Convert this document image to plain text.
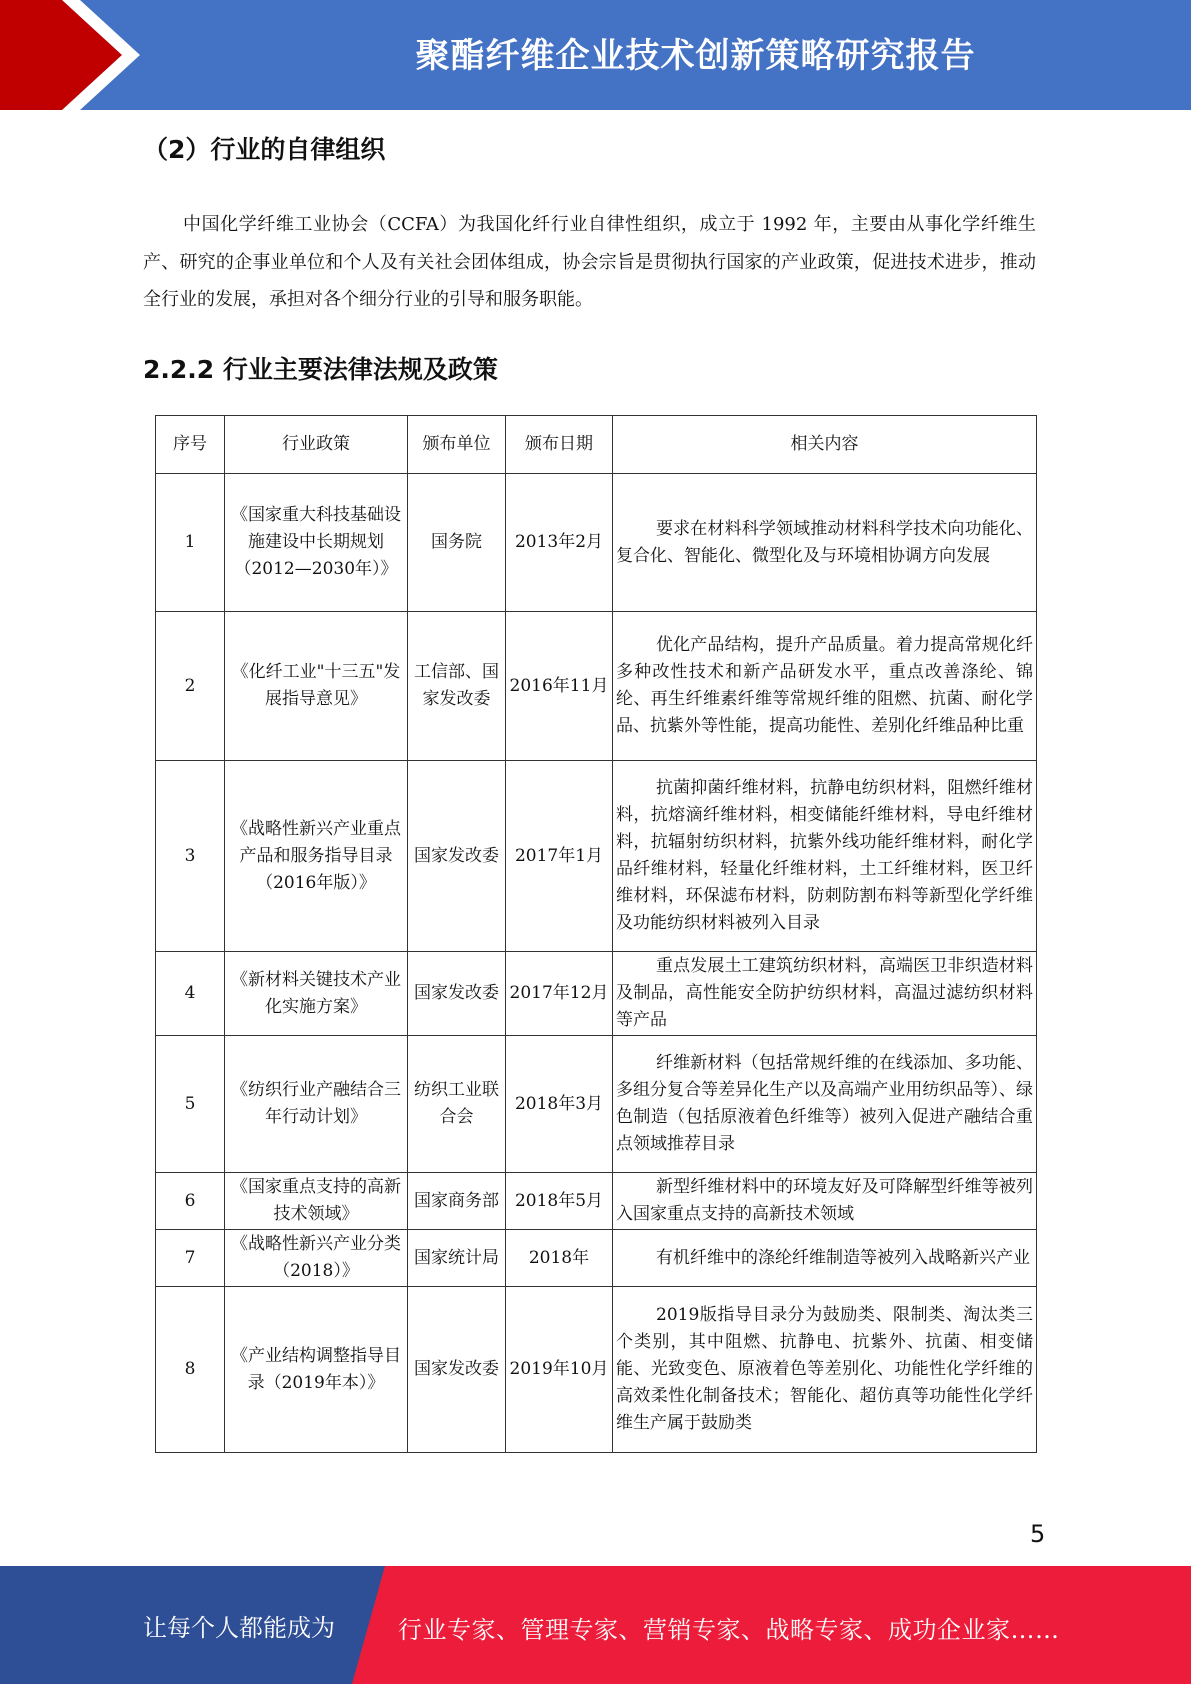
聚酯纤维企业技术创新策略研究报告
（2）行业的自律组织
中国化学纤维工业协会（CCFA）为我国化纤行业自律性组织，成立于 1992 年，主要由从事化学纤维生产、研究的企事业单位和个人及有关社会团体组成，协会宗旨是贯彻执行国家的产业政策，促进技术进步，推动全行业的发展，承担对各个细分行业的引导和服务职能。
2.2.2 行业主要法律法规及政策
序号	行业政策	颁布单位	颁布日期	相关内容
1	《国家重大科技基础设施建设中长期规划（2012—2030年）》	国务院	2013年2月	要求在材料科学领域推动材料科学技术向功能化、复合化、智能化、微型化及与环境相协调方向发展
2	《化纤工业"十三五"发展指导意见》	工信部、国家发改委	2016年11月	优化产品结构，提升产品质量。着力提高常规化纤多种改性技术和新产品研发水平，重点改善涤纶、锦纶、再生纤维素纤维等常规纤维的阻燃、抗菌、耐化学品、抗紫外等性能，提高功能性、差别化纤维品种比重
3	《战略性新兴产业重点产品和服务指导目录（2016年版）》	国家发改委	2017年1月	抗菌抑菌纤维材料，抗静电纺织材料，阻燃纤维材料，抗熔滴纤维材料，相变储能纤维材料，导电纤维材料，抗辐射纺织材料，抗紫外线功能纤维材料，耐化学品纤维材料，轻量化纤维材料，土工纤维材料，医卫纤维材料，环保滤布材料，防刺防割布料等新型化学纤维及功能纺织材料被列入目录
4	《新材料关键技术产业化实施方案》	国家发改委	2017年12月	重点发展土工建筑纺织材料，高端医卫非织造材料及制品，高性能安全防护纺织材料，高温过滤纺织材料等产品
5	《纺织行业产融结合三年行动计划》	纺织工业联合会	2018年3月	纤维新材料（包括常规纤维的在线添加、多功能、多组分复合等差异化生产以及高端产业用纺织品等）、绿色制造（包括原液着色纤维等）被列入促进产融结合重点领域推荐目录
6	《国家重点支持的高新技术领域》	国家商务部	2018年5月	新型纤维材料中的环境友好及可降解型纤维等被列入国家重点支持的高新技术领域
7	《战略性新兴产业分类（2018）》	国家统计局	2018年	有机纤维中的涤纶纤维制造等被列入战略新兴产业
8	《产业结构调整指导目录（2019年本）》	国家发改委	2019年10月	2019版指导目录分为鼓励类、限制类、淘汰类三个类别，其中阻燃、抗静电、抗紫外、抗菌、相变储能、光致变色、原液着色等差别化、功能性化学纤维的高效柔性化制备技术；智能化、超仿真等功能性化学纤维生产属于鼓励类
5
让每个人都能成为	行业专家、管理专家、营销专家、战略专家、成功企业家……
